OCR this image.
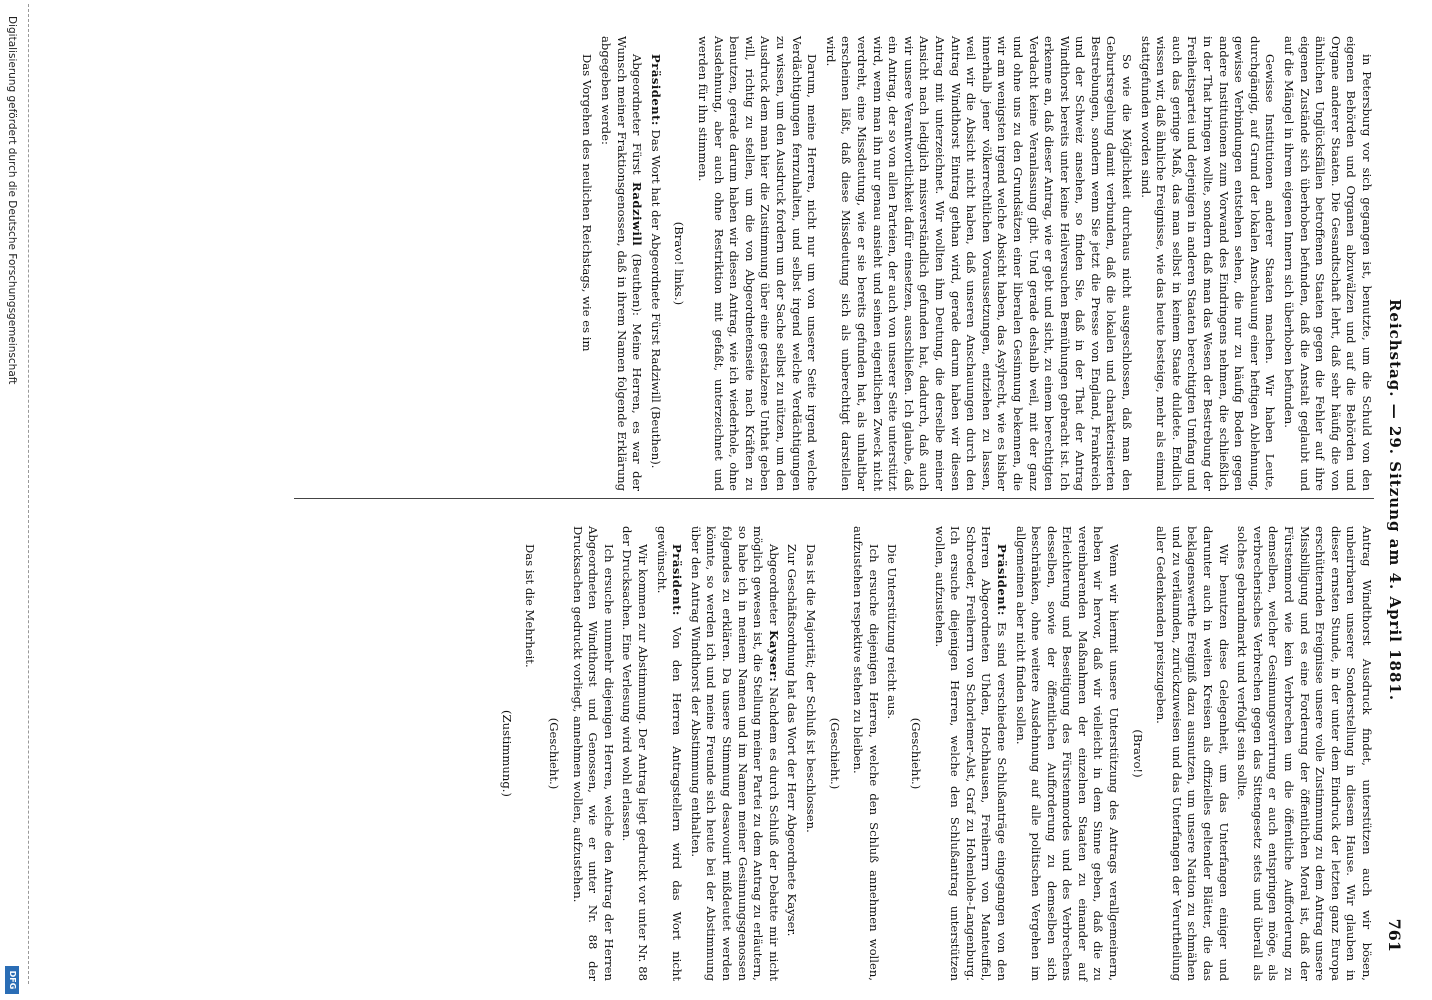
Reichstag. — 29. Sitzung am 4. April 1881.
761

in Petersburg vor sich gegangen ist, benutzte, um die Schuld von den eigenen Behörden und Organen abzuwälzen und auf die Behörden und Organe anderer Staaten. Die Gesandtschaft lehrt, daß sehr häufig die von ähnlichen Unglücksfällen betroffenen Staaten gegen die Fehler auf ihre eigenen Zustände sich überhoben befunden, daß die Anstalt geglaubt und auf die Mängel in ihrem eigenen Innern sich überhoben befunden.

Gewisse Institutionen anderer Staaten machen. Wir haben Leute, durchgängig, auf Grund der lokalen Anschauung einer heftigen Ablehnung, gewisse Verbindungen entstehen sehen, die nur zu häufig Boden gegen andere Institutionen zum Vorwand des Eindringens nehmen, die schließlich in der That bringen wollte, sondern daß man das Wesen der Bestrebung der Freiheitspartei und derjenigen in anderen Staaten berechtigten Umfang und auch das geringe Maß, das man selbst in keinem Staate duldete. Endlich wissen wir, daß ähnliche Ereignisse, wie das heute besteige, mehr als einmal stattgefunden worden sind.

So wie die Möglichkeit durchaus nicht ausgeschlossen, daß man den Geburtsregelung damit verbunden, daß die lokalen und charakterisierten Bestrebungen, sondern wenn Sie jetzt die Presse von England, Frankreich und der Schweiz ansehen, so finden Sie, daß in der That der Antrag Windthorst bereits unter keine Heilversuchen Bemühungen gebracht ist. Ich erkenne an, daß dieser Antrag, wie er gebt und sicht, zu einem berechtigten Verdacht keine Veranlassung gibt. Und gerade deshalb weil, mit der ganz und ohne uns zu den Grundsätzen einer liberalen Gesinnung bekennen, die wir am wenigsten irgend welche Absicht haben, das Asylrecht, wie es bisher innerhalb jener völkerrechtlichen Voraussetzungen, entziehen zu lassen, weil wir die Absicht nicht haben, daß unseren Anschauungen durch den Antrag Windthorst Eintrag gethan wird, gerade darum haben wir diesen Antrag mit unterzeichnet. Wir wollten ihm Deutung, die derselbe meiner Ansicht nach lediglich missverständlich gefunden hat, dadurch, daß auch wir unsere Verantwortlichkeit dafür einsetzen, ausschließen. Ich glaube, daß ein Antrag, der so von allen Parteien, der auch von unserer Seite unterstützt wird, wenn man ihn nur genau ansieht und seinen eigentlichen Zweck nicht verdreht, eine Missdeutung, wie er sie bereits gefunden hat, als unhaltbar erscheinen läßt, daß diese Missdeutung sich als unberechtigt darstellen wird.

Darum, meine Herren, nicht nur um von unserer Seite irgend welche Verdächtigungen fernzuhalten, und selbst irgend welche Verdächtigungen zu wissen, um den Ausdruck fordern um der Sache selbst zu nützen, um den Ausdruck dem man hier die Zustimmung über eine gestalzene Unthat geben will, richtig zu stellen, um die von Abgeordnetenseite nach Kräften zu benutzen, gerade darum haben wir diesen Antrag, wie ich wiederhole, ohne Ausdehnung, aber auch ohne Restriktion mit gefaßt, unterzeichnet und werden für ihn stimmen.

(Bravo! links.)

Präsident: Das Wort hat der Abgeordnete Fürst Radziwill (Beuthen).

Abgeordneter Fürst Radziwill (Beuthen): Meine Herren, es war der Wunsch meiner Fraktionsgenossen, daß in ihrem Namen folgende Erklärung abgegeben werde:

Das Vorgehen des neulichen Reichstags, wie es im

Antrag Windthorst Ausdruck findet, unterstützen auch wir bösen, unbeirrbaren unserer Sonderstellung in diesem Hause. Wir glauben in dieser ernsten Stunde, in der unter dem Eindruck der letzten ganz Europa erschütternden Ereignisse unsere volle Zustimmung zu dem Antrag unsere Missbilligung und es eine Forderung der öffentlichen Moral ist, daß der Fürstenmord wie kein Verbrechen um die öffentliche Aufforderung zu demselben, welcher Gesinnungsverirrung er auch entspringen möge, als verbrecherisches Verbrechen gegen das Sittengesetz stets und überall als solches gebrandmarkt und verfolgt sein sollte.

Wir benutzen diese Gelegenheit, um das Unterfangen einiger und darunter auch in weiten Kreisen als offizielles geltender Blätter, die das beklagenswerthe Ereigniß dazu ausnutzen, um unsere Nation zu schmähen und zu verläumden, zurückzuweisen und das Unterfangen der Verurtheilung aller Gedenkenden preiszugeben.

(Bravo!)

Wenn wir hiermit unsere Unterstützung des Antrags verallgemeinern, heben wir hervor, daß wir vielleicht in dem Sinne geben, daß die zu vereinbarenden Maßnahmen der einzelnen Staaten zu einander auf Erleichterung und Beseitigung des Fürstenmordes und des Verbrechens desselben, sowie der öffentlichen Aufforderung zu demselben sich beschränken, ohne weitere Ausdehnung auf alle politischen Vergehen im allgemeinen aber nicht finden sollen.

Präsident: Es sind verschiedene Schlußanträge eingegangen von den Herren Abgeordneten Uhden, Hochhausen, Freiherrn von Manteuffel, Schroeder, Freiherrn von Schorlemer-Alst, Graf zu Hohenlohe-Langenburg. Ich ersuche diejenigen Herren, welche den Schlußantrag unterstützen wollen, aufzustehen.

(Geschieht.)

Die Unterstützung reicht aus.

Ich ersuche diejenigen Herren, welche den Schluß annehmen wollen, aufzustehen respektive stehen zu bleiben.

(Geschieht.)

Das ist die Majorität; der Schluß ist beschlossen.

Zur Geschäftsordnung hat das Wort der Herr Abgeordnete Kayser.

Abgeordneter Kayser: Nachdem es durch Schluß der Debatte mir nicht möglich gewesen ist, die Stellung meiner Partei zu dem Antrag zu erläutern, so habe ich in meinem Namen und im Namen meiner Gesinnungsgenossen folgendes zu erklären. Da unsere Stimmung desavouirt mißdeutet werden könnte, so werden ich und meine Freunde sich heute bei der Abstimmung über den Antrag Windthorst der Abstimmung enthalten.

Präsident: Von den Herren Antragstellern wird das Wort nicht gewünscht.

Wir kommen zur Abstimmung. Der Antrag liegt gedruckt vor unter Nr. 88 der Drucksachen. Eine Verlesung wird wohl erlassen.

Ich ersuche nunmehr diejenigen Herren, welche den Antrag der Herren Abgeordneten Windthorst und Genossen, wie er unter Nr. 88 der Drucksachen gedruckt vorliegt, annehmen wollen, aufzustehen.

(Geschieht.)

Das ist die Mehrheit.

(Zustimmung.)

Digitalisierung gefördert durch die Deutsche Forschungsgemeinschaft
DFG
